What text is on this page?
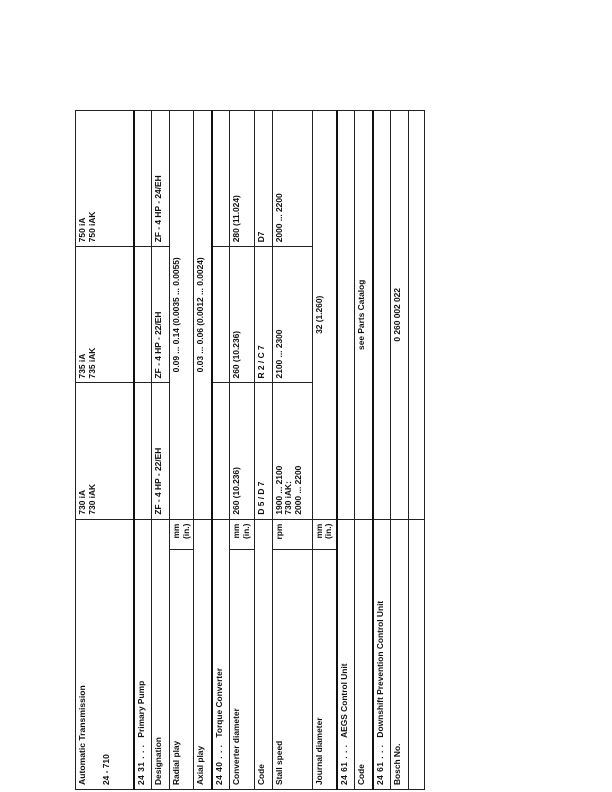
Automatic Transmission 24 - 710		730 iA 730 iAK	735 iA 735 iAK	750 iA 750 iAK

24 31 . . .   Primary Pump				
Designation		ZF - 4 HP - 22/EH	ZF - 4 HP - 22/EH	ZF - 4 HP - 24/EH
Radial play	mm (in.)	0.09 ... 0.14 (0.0035 ... 0.0055)		
Axial play		0.03 ... 0.06 (0.0012 ... 0.0024)		
24 40 . . .   Torque Converter				
Converter diameter	mm (in.)	260 (10.236)	260 (10.236)	280 (11.024)
Code		D 5 / D 7	R 2 / C 7	D7
Stall speed	rpm	1900 ... 2100 730 iAK: 2000 ... 2200	2100 ... 2300	2000 ... 2200
Journal diameter	mm (in.)	32 (1.260)		
24 61 . . .   AEGS Control Unit				
Code		see Parts Catalog		
24 61 . . .   Downshift Prevention Control Unit				
Bosch No.		0 260 002 022		
